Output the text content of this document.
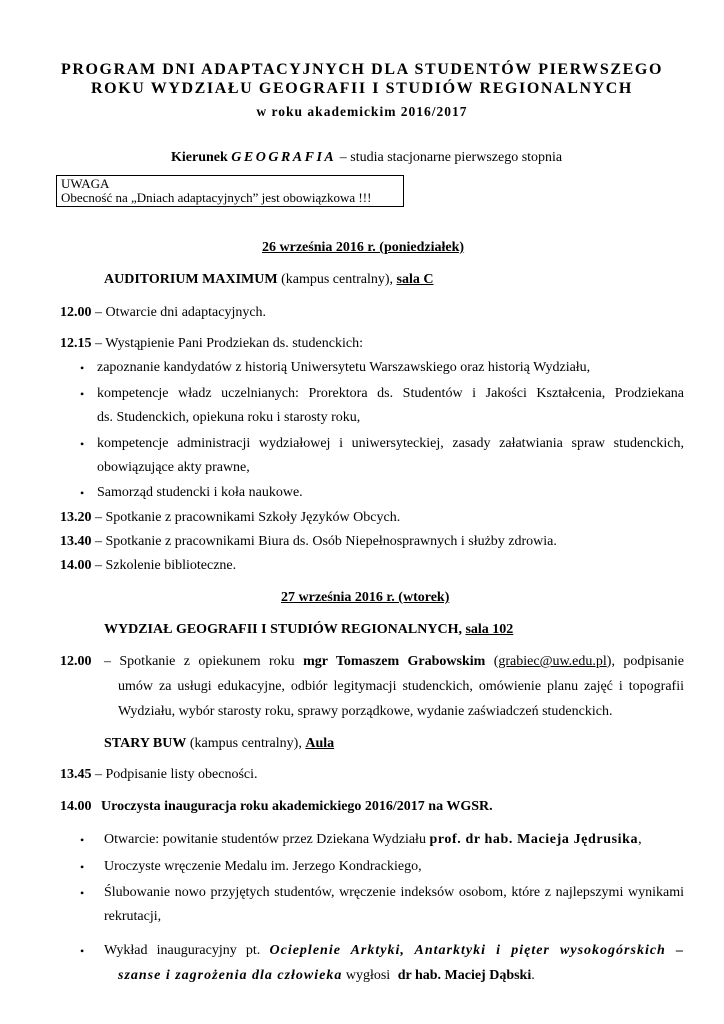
PROGRAM DNI ADAPTACYJNYCH DLA STUDENTÓW PIERWSZEGO
ROKU WYDZIAŁU GEOGRAFII I STUDIÓW REGIONALNYCH
w roku akademickim 2016/2017
Kierunek GEOGRAFIA – studia stacjonarne pierwszego stopnia
UWAGA
Obecność na „Dniach adaptacyjnych” jest obowiązkowa !!!
26 września 2016 r. (poniedziałek)
AUDITORIUM MAXIMUM (kampus centralny), sala C
12.00 – Otwarcie dni adaptacyjnych.
12.15 – Wystąpienie Pani Prodziekan ds. studenckich:
• zapoznanie kandydatów z historią Uniwersytetu Warszawskiego oraz historią Wydziału,
• kompetencje władz uczelnianych: Prorektora ds. Studentów i Jakości Kształcenia, Prodziekana
ds. Studenckich, opiekuna roku i starosty roku,
• kompetencje administracji wydziałowej i uniwersyteckiej, zasady załatwiania spraw studenckich,
obowiązujące akty prawne,
• Samorząd studencki i koła naukowe.
13.20 – Spotkanie z pracownikami Szkoły Języków Obcych.
13.40 – Spotkanie z pracownikami Biura ds. Osób Niepełnosprawnych i służby zdrowia.
14.00 – Szkolenie biblioteczne.
27 września 2016 r. (wtorek)
WYDZIAŁ GEOGRAFII I STUDIÓW REGIONALNYCH, sala 102
12.00 – Spotkanie z opiekunem roku mgr Tomaszem Grabowskim (grabiec@uw.edu.pl), podpisanie
umów za usługi edukacyjne, odbiór legitymacji studenckich, omówienie planu zajęć i topografii
Wydziału, wybór starosty roku, sprawy porządkowe, wydanie zaświadczeń studenckich.
STARY BUW (kampus centralny), Aula
13.45 – Podpisanie listy obecności.
14.00 Uroczysta inauguracja roku akademickiego 2016/2017 na WGSR.
• Otwarcie: powitanie studentów przez Dziekana Wydziału prof. dr hab. Macieja Jędrusika,
• Uroczyste wręczenie Medalu im. Jerzego Kondrackiego,
• Ślubowanie nowo przyjętych studentów, wręczenie indeksów osobom, które z najlepszymi wynikami
rekrutacji,
• Wykład inauguracyjny pt. Ocieplenie Arktyki, Antarktyki i pięter wysokogórskich –
szanse i zagrożenia dla człowieka wygłosi dr hab. Maciej Dąbski.
